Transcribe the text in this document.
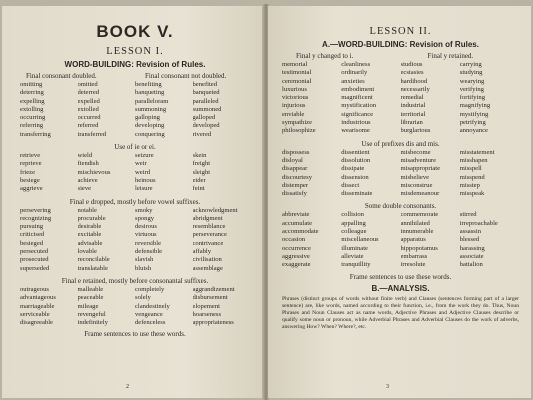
BOOK V.
LESSON I.
WORD-BUILDING: Revision of Rules.
Final consonant doubled.	Final consonant not doubled.
omitting	omitted	benefiting	benefited
deterring	deterred	banqueting	banqueted
expelling	expelled	paralleloram	paralleled
extolling	extolled	summoning	summoned
occurring	occurred	galloping	galloped
referring	referred	developing	developed
transferring	transferred	conquering	rivered
Use of ie or ei.
retrieve	wield	seizure	skein
reprieve	fiendish	weir	freight
frieze	mischievous	weird	sleight
besiege	achieve	heinous	eider
aggrieve	sieve	leisure	feint
Final e dropped, mostly before vowel suffixes.
persevering	notable	smoky	acknowledgment
recognizing	procurable	spongy	abridgment
pursuing	desirable	desirous	resemblance
criticised	excitable	virtuous	perseverance
besieged	advisable	reversible	contrivance
persecuted	lovable	defensible	affably
prosecuted	reconcilable	slavish	civilisation
superseded	translatable	bluish	assemblage
Final e retained, mostly before consonantal suffixes.
outrageous	malleable	completely	aggrandizement
advantageous	peaceable	solely	disbursement
marriageable	mileage	clandestinely	elopement
serviceable	revengeful	vengeance	hoarseness
disagreeable	indefinitely	defenceless	appropriateness
Frame sentences to use these words.
2
LESSON II.
A.—WORD-BUILDING: Revision of Rules.
Final y changed to i.	Final y retained.
memorial	cleanliness	studious	carrying
testimonial	ordinarily	ecstasies	studying
ceremonial	anxieties	hardihood	wearying
luxurious	embodiment	necessarily	verifying
victorious	magnificent	remedial	fortifying
injurious	mystification	industrial	magnifying
enviable	significance	territorial	mystifying
sympathize	industrious	librarian	petrifying
philosophize	wearisome	burglarious	annoyance
Use of prefixes dis and mis.
dispossess	dissentient	misbecome	misstatement
disloyal	dissolution	misadventure	misshapen
disappear	dissipate	misappropriate	misspell
discourtesy	dissension	misbelieve	misspend
distemper	dissect	misconstrue	misstep
dissatisfy	disseminate	misdemeanour	misspeak
Some double consonants.
abbreviate	collision	commemorate	stirred
accumulate	appalling	annihilated	irreproachable
accommodate	colleague	innumerable	assassin
occasion	miscellaneous	apparatus	blessed
occurrence	illuminate	hippopotamus	harassing
aggressive	alleviate	embarrass	associate
exaggerate	tranquillity	irresolute	battalion
Frame sentences to use these words.
B.—ANALYSIS.
Phrases (distinct groups of words without finite verb) and Clauses (sentences forming part of a larger sentence) are, like words, named according to their function, i.e., from the work they do. Thus, Noun Phrases and Noun Clauses act as name words, Adjective Phrases and Adjective Clauses describe or qualify some noun or pronoun, while Adverbial Phrases and Adverbial Clauses do the work of adverbs, answering How? When? Where?, etc.
3
